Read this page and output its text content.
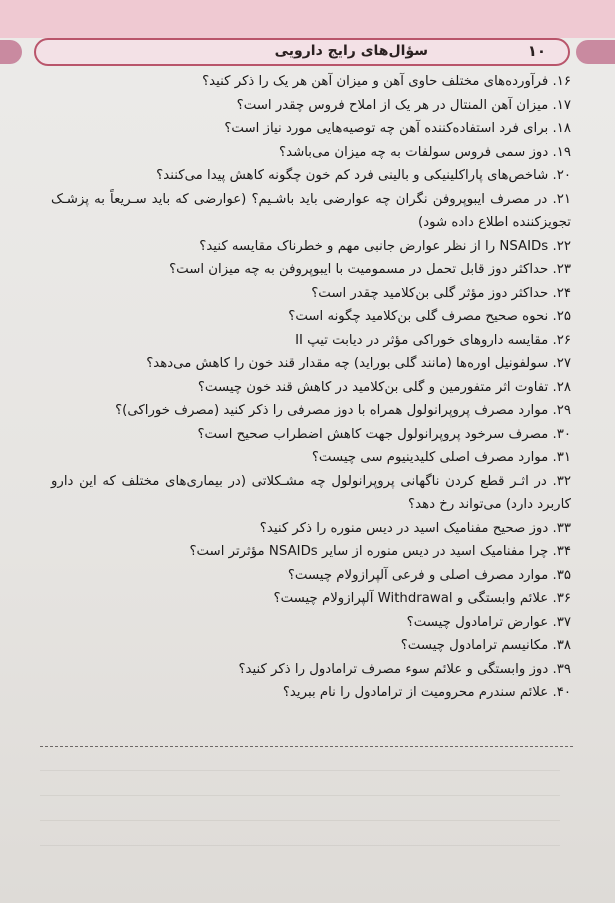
سؤال‌های رایج دارویی	۱۰
۱۶. فرآورده‌های مختلف حاوی آهن و میزان آهن هر یک را ذکر کنید؟
۱۷. میزان آهن المنتال در هر یک از املاح فروس چقدر است؟
۱۸. برای فرد استفاده‌کننده آهن چه توصیه‌هایی مورد نیاز است؟
۱۹. دوز سمی فروس سولفات به چه میزان می‌باشد؟
۲۰. شاخص‌های پاراکلینیکی و بالینی فرد کم خون چگونه کاهش پیدا می‌کنند؟
۲۱. در مصرف ایبوپروفن نگران چه عوارضی باید باشـیم؟ (عوارضی که باید سـریعاً به پزشـک تجویزکننده اطلاع داده شود)
۲۲. NSAIDs را از نظر عوارض جانبی مهم و خطرناک مقایسه کنید؟
۲۳. حداکثر دوز قابل تحمل در مسمومیت با ایبوپروفن به چه میزان است؟
۲۴. حداکثر دوز مؤثر گلی بن‌کلامید چقدر است؟
۲۵. نحوه صحیح مصرف گلی بن‌کلامید چگونه است؟
۲۶. مقایسه داروهای خوراکی مؤثر در دیابت تیپ II
۲۷. سولفونیل اوره‌ها (مانند گلی بوراید) چه مقدار قند خون را کاهش می‌دهد؟
۲۸. تفاوت اثر متفورمین و گلی بن‌کلامید در کاهش قند خون چیست؟
۲۹. موارد مصرف پروپرانولول همراه با دوز مصرفی را ذکر کنید (مصرف خوراکی)؟
۳۰. مصرف سرخود پروپرانولول جهت کاهش اضطراب صحیح است؟
۳۱. موارد مصرف اصلی کلیدینیوم سی چیست؟
۳۲. در اثـر قطع کردن ناگهانی پروپرانولول چه مشـکلاتی (در بیماری‌های مختلف که این دارو کاربرد دارد) می‌تواند رخ دهد؟
۳۳. دوز صحیح مفنامیک اسید در دیس منوره را ذکر کنید؟
۳۴. چرا مفنامیک اسید در دیس منوره از سایر NSAIDs مؤثرتر است؟
۳۵. موارد مصرف اصلی و فرعی آلپرازولام چیست؟
۳۶. علائم وابستگی و Withdrawal آلپرازولام چیست؟
۳۷. عوارض ترامادول چیست؟
۳۸. مکانیسم ترامادول چیست؟
۳۹. دوز وابستگی و علائم سوء مصرف ترامادول را ذکر کنید؟
۴۰. علائم سندرم محرومیت از ترامادول را نام ببرید؟
